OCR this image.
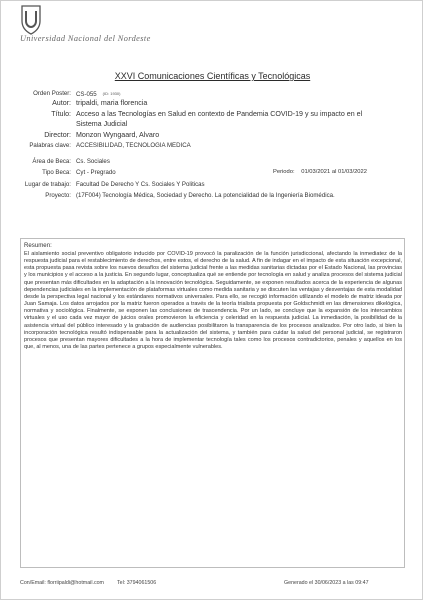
Universidad Nacional del Nordeste
XXVI Comunicaciones Científicas y Tecnológicas
Orden Poster: CS-055 (ID: 1930)
Autor: tripaldi, maria florencia
Título: Acceso a las Tecnologías en Salud en contexto de Pandemia COVID-19 y su impacto en el
Sistema Judicial
Director: Monzon Wyngaard, Alvaro
Palabras clave: ACCESIBILIDAD, TECNOLOGIA MEDICA
Área de Beca: Cs. Sociales
Tipo Beca: Cyt - Pregrado	Periodo: 01/03/2021 al 01/03/2022
Lugar de trabajo: Facultad De Derecho Y Cs. Sociales Y Politicas
Proyecto: (17F004) Tecnología Médica, Sociedad y Derecho. La potencialidad de la Ingeniería Biomédica.
Resumen:
El aislamiento social preventivo obligatorio inducido por COVID-19 provocó la paralización de la función jurisdiccional, afectando la inmediatez de la respuesta judicial para el restablecimiento de derechos, entre estos, el derecho de la salud. A fin de indagar en el impacto de esta situación excepcional, esta propuesta pasa revista sobre los nuevos desafíos del sistema judicial frente a las medidas sanitarias dictadas por el Estado Nacional, las provincias y los municipios y el acceso a la justicia. En segundo lugar, conceptualiza qué se entiende por tecnología en salud y analiza procesos del sistema judicial que presentan más dificultades en la adaptación a la innovación tecnológica. Seguidamente, se exponen resultados acerca de la experiencia de algunas dependencias judiciales en la implementación de plataformas virtuales como medida sanitaria y se discuten las ventajas y desventajas de esta modalidad desde la perspectiva legal nacional y los estándares normativos universales. Para ello, se recogió información utilizando el modelo de matriz ideada por Juan Samaja. Los datos arrojados por la matriz fueron operados a través de la teoría trialista propuesta por Goldschmidt en las dimensiones dikelógica, normativa y sociológica. Finalmente, se exponen las conclusiones de trascendencia. Por un lado, se concluye que la expansión de los intercambios virtuales y el uso cada vez mayor de juicios orales promovieron la eficiencia y celeridad en la respuesta judicial. La inmediación, la posibilidad de la asistencia virtual del público interesado y la grabación de audiencias posibilitaron la transparencia de los procesos analizados. Por otro lado, si bien la incorporación tecnológica resultó indispensable para la actualización del sistema, y también para cuidar la salud del personal judicial, se registraron procesos que presentan mayores dificultades a la hora de implementar tecnología tales como los procesos contradictorios, penales y aquellos en los que, al menos, una de las partes pertenece a grupos especialmente vulnerables.
Con/Email: florriipaldi@hotmail.com Tel: 3794061506	Generado el 30/06/2023 a las 09:47
